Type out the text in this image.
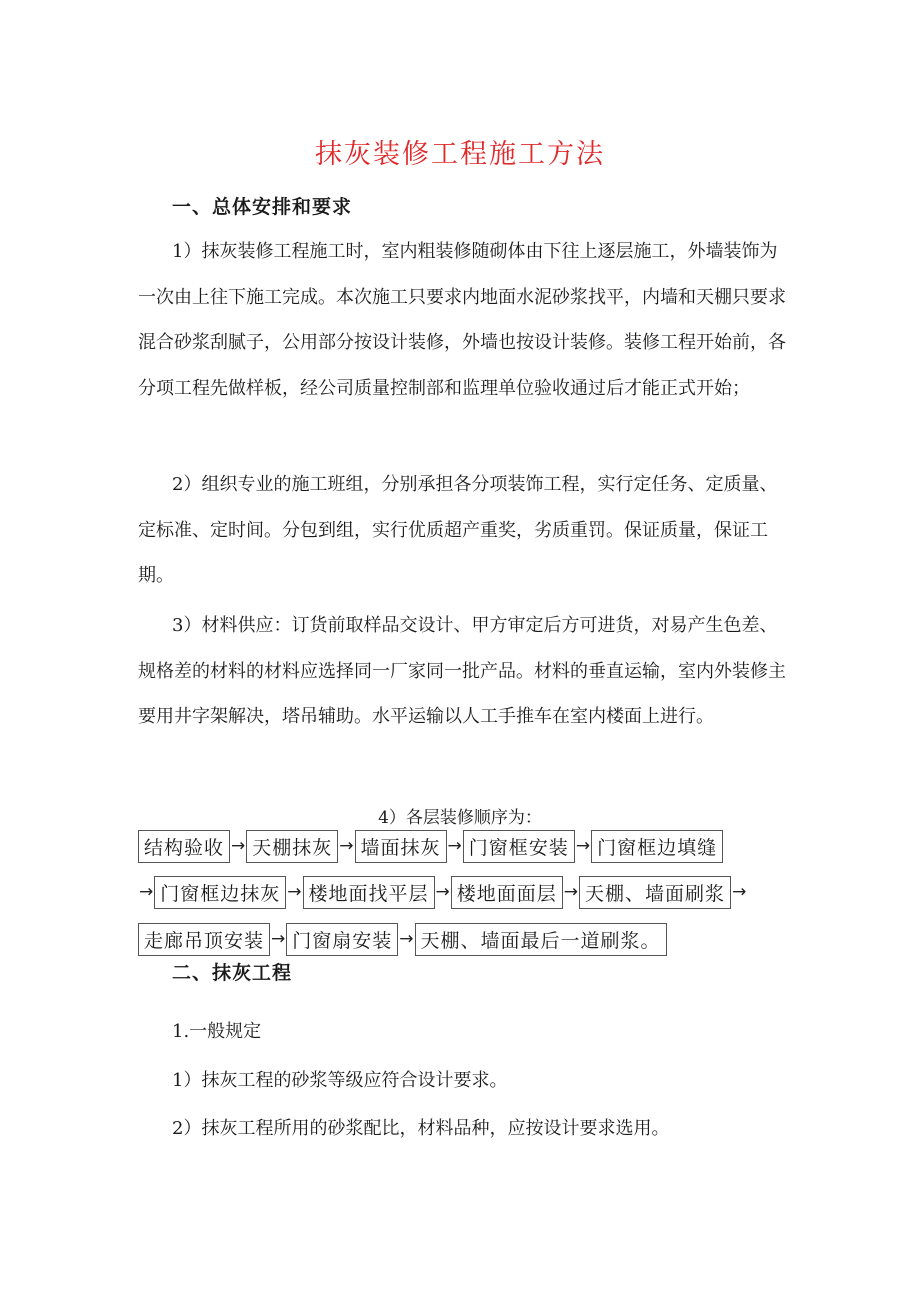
抹灰装修工程施工方法
一、总体安排和要求

1）抹灰装修工程施工时，室内粗装修随砌体由下往上逐层施工，外墙装饰为一次由上往下施工完成。本次施工只要求内地面水泥砂浆找平，内墙和天棚只要求混合砂浆刮腻子，公用部分按设计装修，外墙也按设计装修。装修工程开始前，各分项工程先做样板，经公司质量控制部和监理单位验收通过后才能正式开始；

2）组织专业的施工班组，分别承担各分项装饰工程，实行定任务、定质量、定标准、定时间。分包到组，实行优质超产重奖，劣质重罚。保证质量，保证工期。

3）材料供应：订货前取样品交设计、甲方审定后方可进货，对易产生色差、规格差的材料的材料应选择同一厂家同一批产品。材料的垂直运输，室内外装修主要用井字架解决，塔吊辅助。水平运输以人工手推车在室内楼面上进行。

4）各层装修顺序为：
结构验收 → 天棚抹灰 → 墙面抹灰 → 门窗框安装 → 门窗框边填缝
→ 门窗框边抹灰 → 楼地面找平层 → 楼地面面层 → 天棚、墙面刷浆 →
走廊吊顶安装 → 门窗扇安装 → 天棚、墙面最后一道刷浆。
二、抹灰工程
1.一般规定
1）抹灰工程的砂浆等级应符合设计要求。
2）抹灰工程所用的砂浆配比，材料品种，应按设计要求选用。
